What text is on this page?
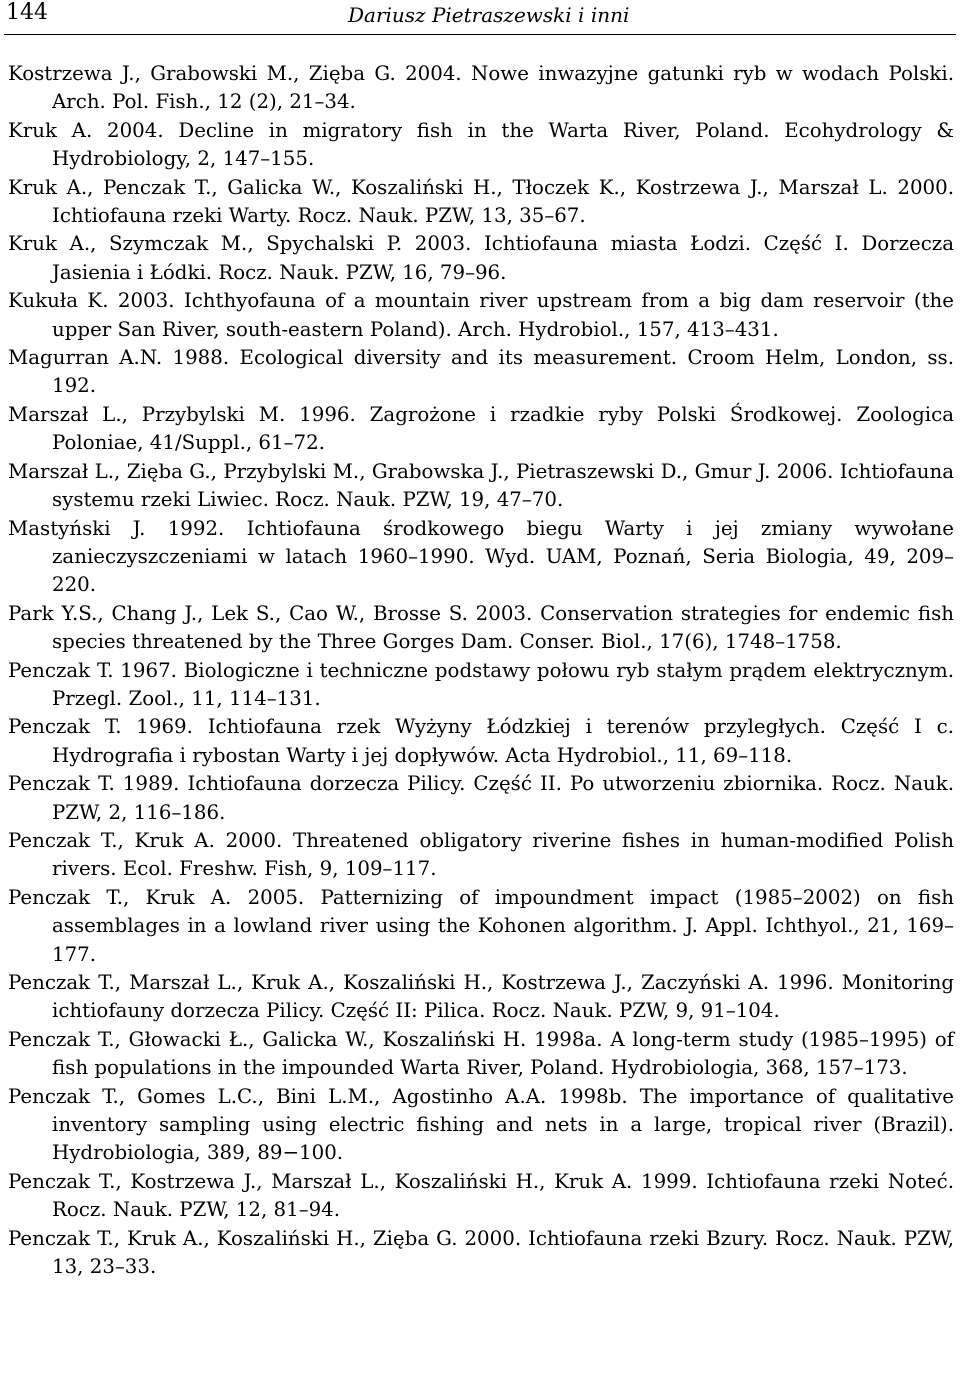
144	Dariusz Pietraszewski i inni
Kostrzewa J., Grabowski M., Zięba G. 2004. Nowe inwazyjne gatunki ryb w wodach Polski. Arch. Pol. Fish., 12 (2), 21–34.
Kruk A. 2004. Decline in migratory fish in the Warta River, Poland. Ecohydrology & Hydrobiology, 2, 147–155.
Kruk A., Penczak T., Galicka W., Koszaliński H., Tłoczek K., Kostrzewa J., Marszał L. 2000. Ichtiofauna rzeki Warty. Rocz. Nauk. PZW, 13, 35–67.
Kruk A., Szymczak M., Spychalski P. 2003. Ichtiofauna miasta Łodzi. Część I. Dorzecza Jasienia i Łódki. Rocz. Nauk. PZW, 16, 79–96.
Kukuła K. 2003. Ichthyofauna of a mountain river upstream from a big dam reservoir (the upper San River, south-eastern Poland). Arch. Hydrobiol., 157, 413–431.
Magurran A.N. 1988. Ecological diversity and its measurement. Croom Helm, London, ss. 192.
Marszał L., Przybylski M. 1996. Zagrożone i rzadkie ryby Polski Środkowej. Zoologica Poloniae, 41/Suppl., 61–72.
Marszał L., Zięba G., Przybylski M., Grabowska J., Pietraszewski D., Gmur J. 2006. Ichtiofauna systemu rzeki Liwiec. Rocz. Nauk. PZW, 19, 47–70.
Mastyński J. 1992. Ichtiofauna środkowego biegu Warty i jej zmiany wywołane zanieczyszczeniami w latach 1960–1990. Wyd. UAM, Poznań, Seria Biologia, 49, 209–220.
Park Y.S., Chang J., Lek S., Cao W., Brosse S. 2003. Conservation strategies for endemic fish species threatened by the Three Gorges Dam. Conser. Biol., 17(6), 1748–1758.
Penczak T. 1967. Biologiczne i techniczne podstawy połowu ryb stałym prądem elektrycznym. Przegl. Zool., 11, 114–131.
Penczak T. 1969. Ichtiofauna rzek Wyżyny Łódzkiej i terenów przyległych. Część I c. Hydrografia i rybostan Warty i jej dopływów. Acta Hydrobiol., 11, 69–118.
Penczak T. 1989. Ichtiofauna dorzecza Pilicy. Część II. Po utworzeniu zbiornika. Rocz. Nauk. PZW, 2, 116–186.
Penczak T., Kruk A. 2000. Threatened obligatory riverine fishes in human-modified Polish rivers. Ecol. Freshw. Fish, 9, 109–117.
Penczak T., Kruk A. 2005. Patternizing of impoundment impact (1985–2002) on fish assemblages in a lowland river using the Kohonen algorithm. J. Appl. Ichthyol., 21, 169–177.
Penczak T., Marszał L., Kruk A., Koszaliński H., Kostrzewa J., Zaczyński A. 1996. Monitoring ichtiofauny dorzecza Pilicy. Część II: Pilica. Rocz. Nauk. PZW, 9, 91–104.
Penczak T., Głowacki Ł., Galicka W., Koszaliński H. 1998a. A long-term study (1985–1995) of fish populations in the impounded Warta River, Poland. Hydrobiologia, 368, 157–173.
Penczak T., Gomes L.C., Bini L.M., Agostinho A.A. 1998b. The importance of qualitative inventory sampling using electric fishing and nets in a large, tropical river (Brazil). Hydrobiologia, 389, 89−100.
Penczak T., Kostrzewa J., Marszał L., Koszaliński H., Kruk A. 1999. Ichtiofauna rzeki Noteć. Rocz. Nauk. PZW, 12, 81–94.
Penczak T., Kruk A., Koszaliński H., Zięba G. 2000. Ichtiofauna rzeki Bzury. Rocz. Nauk. PZW, 13, 23–33.
